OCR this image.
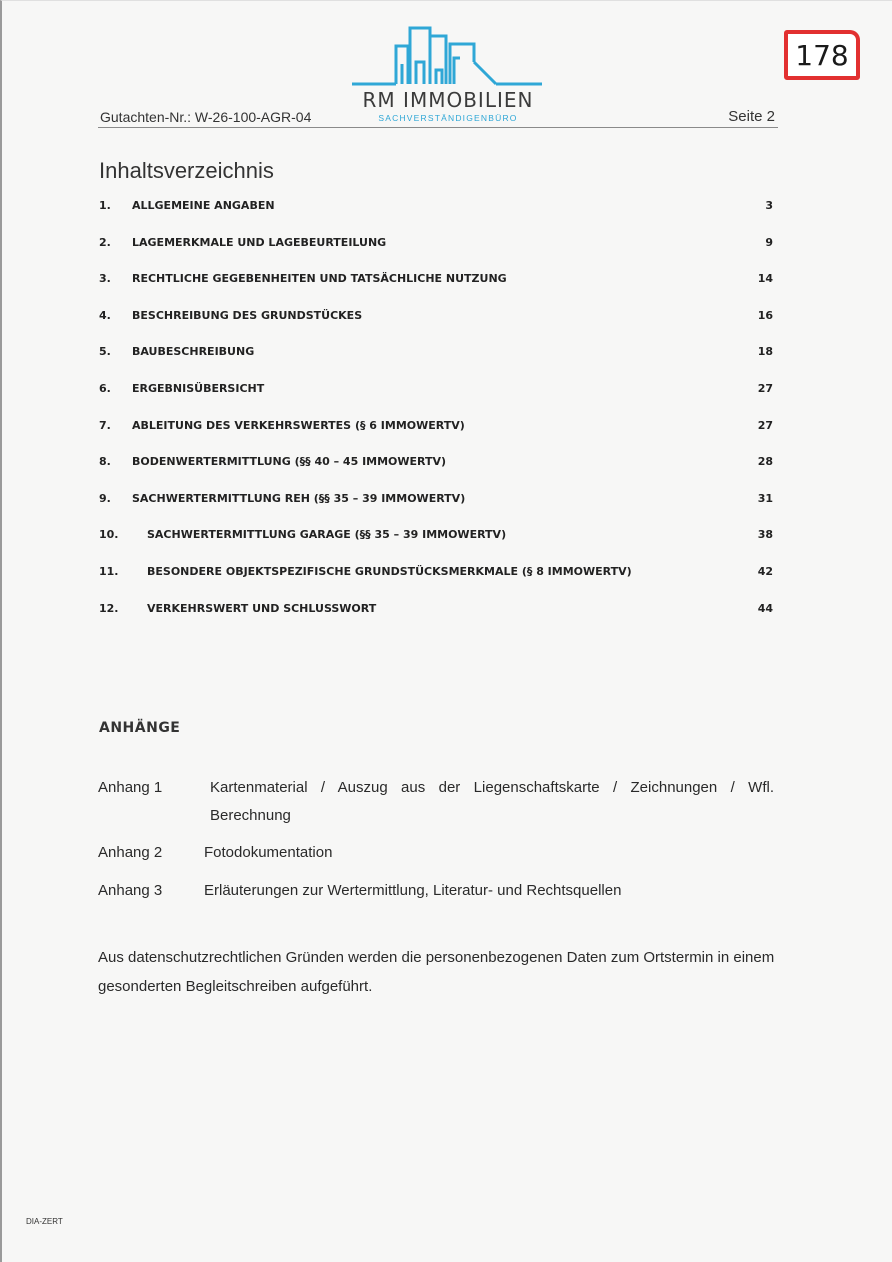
178
RM IMMOBILIEN
SACHVERSTÄNDIGENBÜRO
Gutachten-Nr.: W-26-100-AGR-04	Seite 2
Inhaltsverzeichnis
1. ALLGEMEINE ANGABEN	3
2. LAGEMERKMALE UND LAGEBEURTEILUNG	9
3. RECHTLICHE GEGEBENHEITEN UND TATSÄCHLICHE NUTZUNG	14
4. BESCHREIBUNG DES GRUNDSTÜCKES	16
5. BAUBESCHREIBUNG	18
6. ERGEBNISÜBERSICHT	27
7. ABLEITUNG DES VERKEHRSWERTES (§ 6 IMMOWERTV)	27
8. BODENWERTERMITTLUNG (§§ 40 – 45 IMMOWERTV)	28
9. SACHWERTERMITTLUNG REH (§§ 35 – 39 IMMOWERTV)	31
10.	SACHWERTERMITTLUNG GARAGE (§§ 35 – 39 IMMOWERTV)	38
11.	BESONDERE OBJEKTSPEZIFISCHE GRUNDSTÜCKSMERKMALE (§ 8 IMMOWERTV)	42
12.	VERKEHRSWERT UND SCHLUSSWORT	44
ANHÄNGE
Anhang 1	Kartenmaterial / Auszug aus der Liegenschaftskarte / Zeichnungen / Wfl. Berechnung
Anhang 2	Fotodokumentation
Anhang 3	Erläuterungen zur Wertermittlung, Literatur- und Rechtsquellen
Aus datenschutzrechtlichen Gründen werden die personenbezogenen Daten zum Ortstermin in einem gesonderten Begleitschreiben aufgeführt.
DIA-ZERT
